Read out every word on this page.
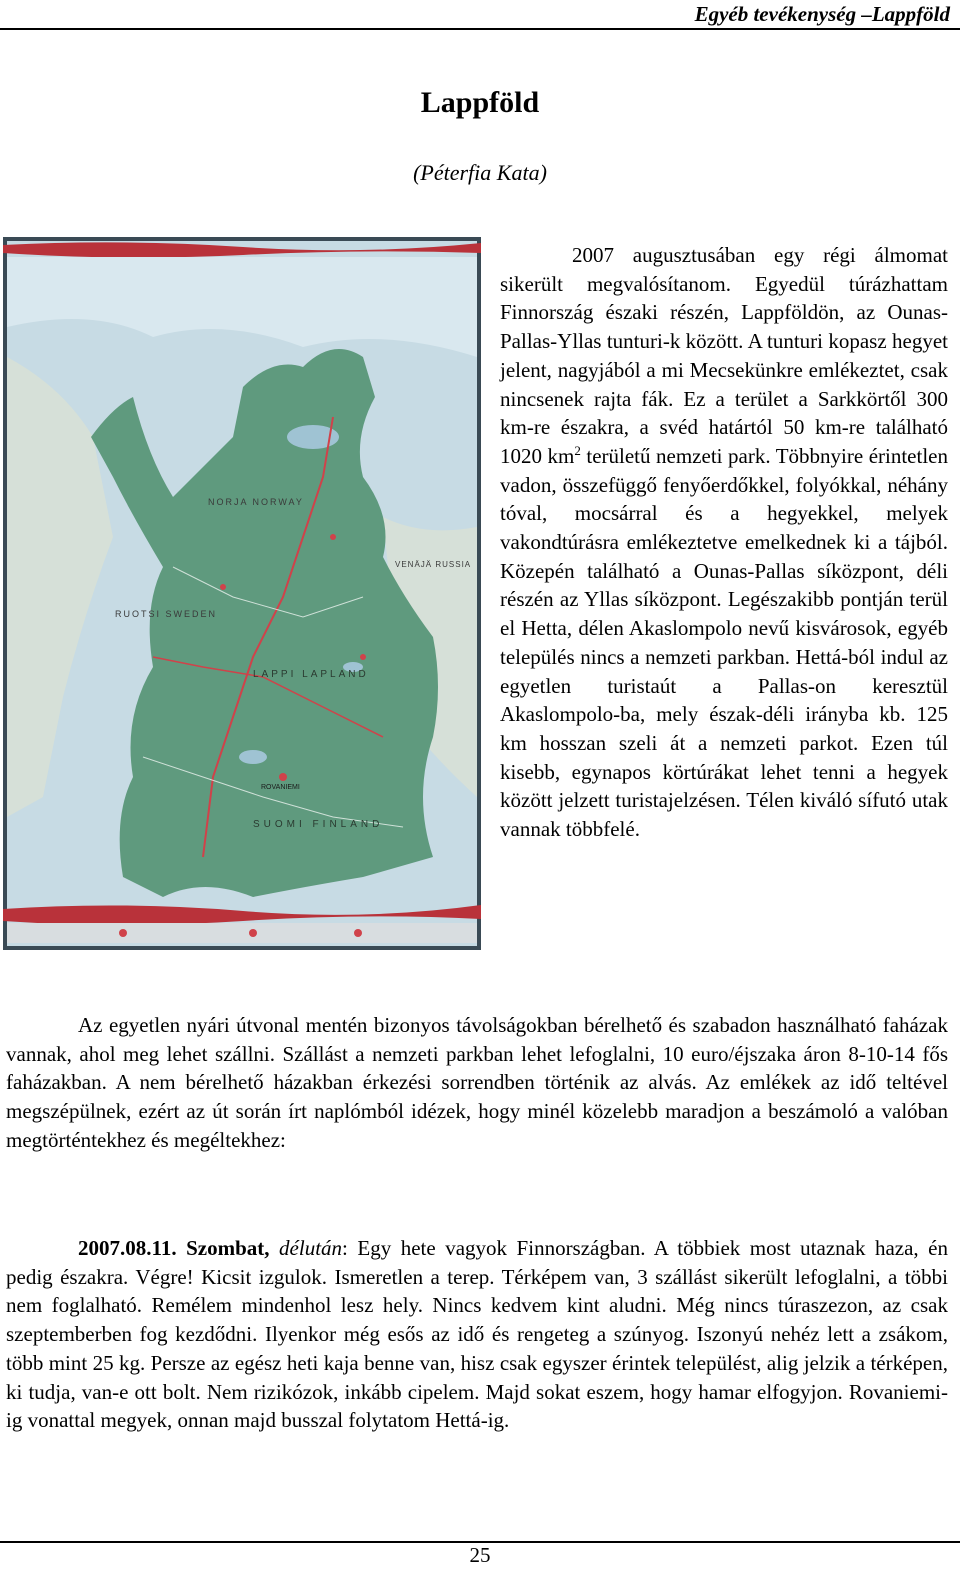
Egyéb tevékenység –Lappföld
Lappföld
(Péterfia Kata)
NORJA NORWAY
RUOTSI SWEDEN
VENÄJÄ RUSSIA
LAPPI LAPLAND
SUOMI FINLAND
ROVANIEMI

2007 augusztusában egy régi álmomat sikerült megvalósítanom. Egyedül túrázhattam Finnország északi részén, Lappföldön, az Ounas-Pallas-Yllas tunturi-k között. A tunturi kopasz hegyet jelent, nagyjából a mi Mecsekünkre emlékeztet, csak nincsenek rajta fák. Ez a terület a Sarkkörtől 300 km-re északra, a svéd határtól 50 km-re található 1020 $km^2$ területű nemzeti park. Többnyire érintetlen vadon, összefüggő fenyőerdőkkel, folyókkal, néhány tóval, mocsárral és a hegyekkel, melyek vakondtúrásra emlékeztetve emelkednek ki a tájból. Közepén található a Ounas-Pallas síközpont, déli részén az Yllas síközpont. Legészakibb pontján terül el Hetta, délen Akaslompolo nevű kisvárosok, egyéb település nincs a nemzeti parkban. Hettá-ból indul az egyetlen turistaút a Pallas-on keresztül Akaslompolo-ba, mely észak-déli irányba kb. 125 km hosszan szeli át a nemzeti parkot. Ezen túl kisebb, egynapos körtúrákat lehet tenni a hegyek között jelzett turistajelzésen. Télen kiváló sífutó utak vannak többfelé.

Az egyetlen nyári útvonal mentén bizonyos távolságokban bérelhető és szabadon használható faházak vannak, ahol meg lehet szállni. Szállást a nemzeti parkban lehet lefoglalni, 10 euro/éjszaka áron 8-10-14 fős faházakban. A nem bérelhető házakban érkezési sorrendben történik az alvás. Az emlékek az idő teltével megszépülnek, ezért az út során írt naplómból idézek, hogy minél közelebb maradjon a beszámoló a valóban megtörténtekhez és megéltekhez:

2007.08.11. Szombat, délután: Egy hete vagyok Finnországban. A többiek most utaznak haza, én pedig északra. Végre! Kicsit izgulok. Ismeretlen a terep. Térképem van, 3 szállást sikerült lefoglalni, a többi nem foglalható. Remélem mindenhol lesz hely. Nincs kedvem kint aludni. Még nincs túraszezon, az csak szeptemberben fog kezdődni. Ilyenkor még esős az idő és rengeteg a szúnyog. Iszonyú nehéz lett a zsákom, több mint 25 kg. Persze az egész heti kaja benne van, hisz csak egyszer érintek települést, alig jelzik a térképen, ki tudja, van-e ott bolt. Nem rizikózok, inkább cipelem. Majd sokat eszem, hogy hamar elfogyjon. Rovaniemi-ig vonattal megyek, onnan majd busszal folytatom Hettá-ig.

25
